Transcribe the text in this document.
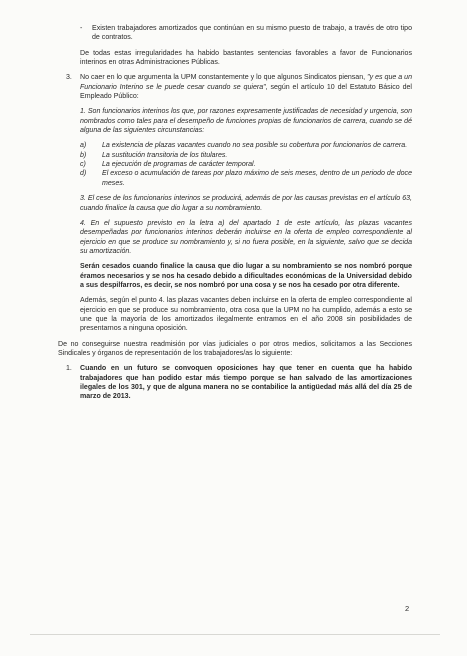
-	Existen trabajadores amortizados que continúan en su mismo puesto de trabajo, a través de otro tipo de contratos.

De todas estas irregularidades ha habido bastantes sentencias favorables a favor de Funcionarios interinos en otras Administraciones Públicas.

3.	No caer en lo que argumenta la UPM constantemente y lo que algunos Sindicatos piensan, "y es que a un Funcionario Interino se le puede cesar cuando se quiera", según el artículo 10 del Estatuto Básico del Empleado Público:

1. Son funcionarios interinos los que, por razones expresamente justificadas de necesidad y urgencia, son nombrados como tales para el desempeño de funciones propias de funcionarios de carrera, cuando se dé alguna de las siguientes circunstancias:

a)	La existencia de plazas vacantes cuando no sea posible su cobertura por funcionarios de carrera.
b)	La sustitución transitoria de los titulares.
c)	La ejecución de programas de carácter temporal.
d)	El exceso o acumulación de tareas por plazo máximo de seis meses, dentro de un periodo de doce meses.

3. El cese de los funcionarios interinos se producirá, además de por las causas previstas en el artículo 63, cuando finalice la causa que dio lugar a su nombramiento.

4. En el supuesto previsto en la letra a) del apartado 1 de este artículo, las plazas vacantes desempeñadas por funcionarios interinos deberán incluirse en la oferta de empleo correspondiente al ejercicio en que se produce su nombramiento y, si no fuera posible, en la siguiente, salvo que se decida su amortización.

Serán cesados cuando finalice la causa que dio lugar a su nombramiento se nos nombró porque éramos necesarios y se nos ha cesado debido a dificultades económicas de la Universidad debido a sus despilfarros, es decir, se nos nombró por una cosa y se nos ha cesado por otra diferente.

Además, según el punto 4. las plazas vacantes deben incluirse en la oferta de empleo correspondiente al ejercicio en que se produce su nombramiento, otra cosa que la UPM no ha cumplido, además a esto se une que la mayoría de los amortizados ilegalmente entramos en el año 2008 sin posibilidades de presentarnos a ninguna oposición.

De no conseguirse nuestra readmisión por vías judiciales o por otros medios, solicitamos a las Secciones Sindicales y órganos de representación de los trabajadores/as lo siguiente:

1.	Cuando en un futuro se convoquen oposiciones hay que tener en cuenta que ha habido trabajadores que han podido estar más tiempo porque se han salvado de las amortizaciones ilegales de los 301, y que de alguna manera no se contabilice la antigüedad más allá del día 25 de marzo de 2013.
2
